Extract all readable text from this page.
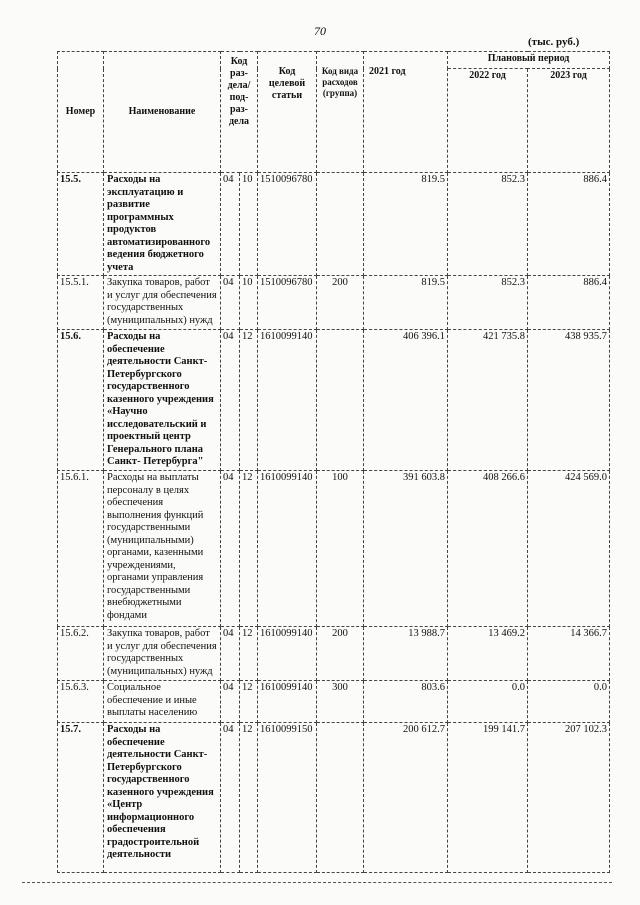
70
(тыс. руб.)
Номер	Наименование	Код раз-дела/ под-раз-дела		Код целевой статьи	Код вида расходов (группа)	2021 год	Плановый период	
							2022 год	2023 год
15.5.	Расходы на эксплуатацию и развитие программных продуктов автоматизированного ведения бюджетного учета	04	10	1510096780		819.5	852.3	886.4
15.5.1.	Закупка товаров, работ и услуг для обеспечения государственных (муниципальных) нужд	04	10	1510096780	200	819.5	852.3	886.4
15.6.	Расходы на обеспечение деятельности Санкт-Петербургского государственного казенного учреждения «Научно исследовательский и проектный центр Генерального плана Санкт- Петербурга"	04	12	1610099140		406 396.1	421 735.8	438 935.7
15.6.1.	Расходы на выплаты персоналу в целях обеспечения выполнения функций государственными (муниципальными) органами, казенными учреждениями, органами управления государственными внебюджетными фондами	04	12	1610099140	100	391 603.8	408 266.6	424 569.0
15.6.2.	Закупка товаров, работ и услуг для обеспечения государственных (муниципальных) нужд	04	12	1610099140	200	13 988.7	13 469.2	14 366.7
15.6.3.	Социальное обеспечение и иные выплаты населению	04	12	1610099140	300	803.6	0.0	0.0
15.7.	Расходы на обеспечение деятельности Санкт-Петербургского государственного казенного учреждения «Центр информационного обеспечения градостроительной деятельности	04	12	1610099150		200 612.7	199 141.7	207 102.3
